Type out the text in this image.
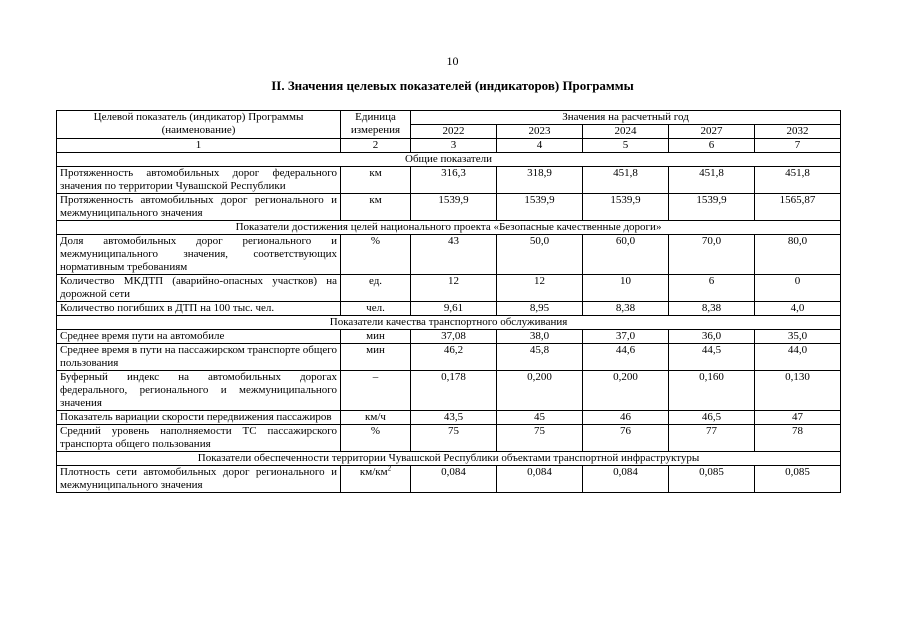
10
II. Значения целевых показателей (индикаторов) Программы
Целевой показатель (индикатор) Программы (наименование)	Единица измерения	Значения на расчетный год				
		2022	2023	2024	2027	2032
1	2	3	4	5	6	7
Общие показатели						
Протяженность автомобильных дорог федерального значения по территории Чувашской Республики	км	316,3	318,9	451,8	451,8	451,8
Протяженность автомобильных дорог регионального и межмуниципального значения	км	1539,9	1539,9	1539,9	1539,9	1565,87
Показатели достижения целей национального проекта «Безопасные качественные дороги»						
Доля автомобильных дорог регионального и межмуниципального значения, соответствующих нормативным требованиям	%	43	50,0	60,0	70,0	80,0
Количество МКДТП (аварийно-опасных участков) на дорожной сети	ед.	12	12	10	6	0
Количество погибших в ДТП на 100 тыс. чел.	чел.	9,61	8,95	8,38	8,38	4,0
Показатели качества транспортного обслуживания						
Среднее время пути на автомобиле	мин	37,08	38,0	37,0	36,0	35,0
Среднее время в пути на пассажирском транспорте общего пользования	мин	46,2	45,8	44,6	44,5	44,0
Буферный индекс на автомобильных дорогах федерального, регионального и межмуниципального значения	–	0,178	0,200	0,200	0,160	0,130
Показатель вариации скорости передвижения пассажиров	км/ч	43,5	45	46	46,5	47
Средний уровень наполняемости ТС пассажирского транспорта общего пользования	%	75	75	76	77	78
Показатели обеспеченности территории Чувашской Республики объектами транспортной инфраструктуры						
Плотность сети автомобильных дорог регионального и межмуниципального значения	$км/км^2$	0,084	0,084	0,084	0,085	0,085
